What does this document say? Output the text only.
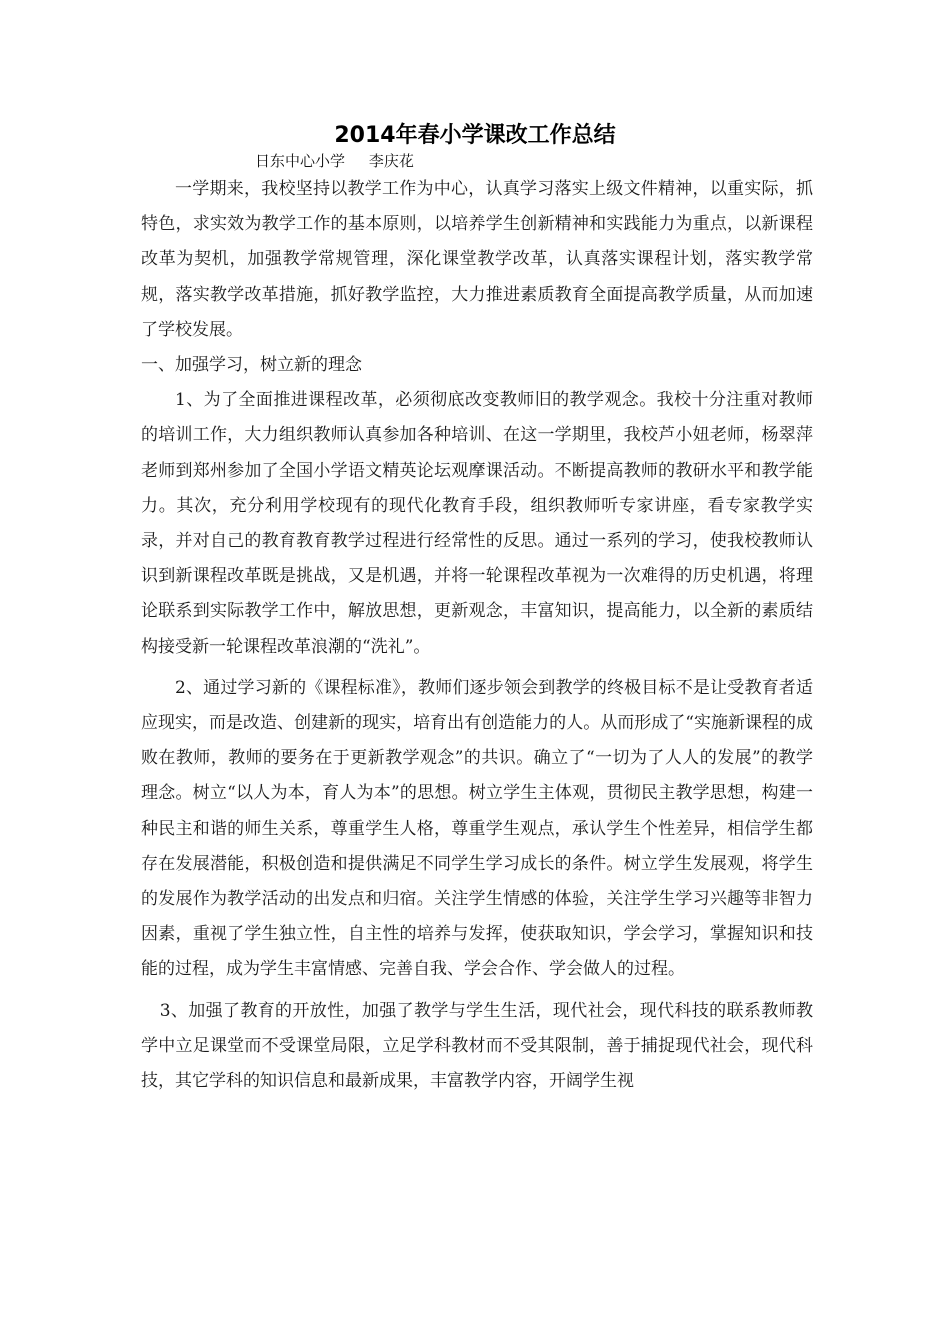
2014年春小学课改工作总结
日东中心小学     李庆花

一学期来，我校坚持以教学工作为中心，认真学习落实上级文件精神，以重实际，抓特色，求实效为教学工作的基本原则，以培养学生创新精神和实践能力为重点，以新课程改革为契机，加强教学常规管理，深化课堂教学改革，认真落实课程计划，落实教学常规，落实教学改革措施，抓好教学监控，大力推进素质教育全面提高教学质量，从而加速了学校发展。

一、加强学习，树立新的理念

1、为了全面推进课程改革，必须彻底改变教师旧的教学观念。我校十分注重对教师的培训工作，大力组织教师认真参加各种培训、在这一学期里，我校芦小妞老师，杨翠萍老师到郑州参加了全国小学语文精英论坛观摩课活动。不断提高教师的教研水平和教学能力。其次，充分利用学校现有的现代化教育手段，组织教师听专家讲座，看专家教学实录，并对自己的教育教育教学过程进行经常性的反思。通过一系列的学习，使我校教师认识到新课程改革既是挑战，又是机遇，并将一轮课程改革视为一次难得的历史机遇，将理论联系到实际教学工作中，解放思想，更新观念，丰富知识，提高能力，以全新的素质结构接受新一轮课程改革浪潮的“洗礼”。

2、通过学习新的《课程标准》，教师们逐步领会到教学的终极目标不是让受教育者适应现实，而是改造、创建新的现实，培育出有创造能力的人。从而形成了“实施新课程的成败在教师，教师的要务在于更新教学观念”的共识。确立了“一切为了人人的发展”的教学理念。树立“以人为本，育人为本”的思想。树立学生主体观，贯彻民主教学思想，构建一种民主和谐的师生关系，尊重学生人格，尊重学生观点，承认学生个性差异，相信学生都存在发展潜能，积极创造和提供满足不同学生学习成长的条件。树立学生发展观，将学生的发展作为教学活动的出发点和归宿。关注学生情感的体验，关注学生学习兴趣等非智力因素，重视了学生独立性，自主性的培养与发挥，使获取知识，学会学习，掌握知识和技能的过程，成为学生丰富情感、完善自我、学会合作、学会做人的过程。

3、加强了教育的开放性，加强了教学与学生生活，现代社会，现代科技的联系教师教学中立足课堂而不受课堂局限，立足学科教材而不受其限制，善于捕捉现代社会，现代科技，其它学科的知识信息和最新成果，丰富教学内容，开阔学生视
